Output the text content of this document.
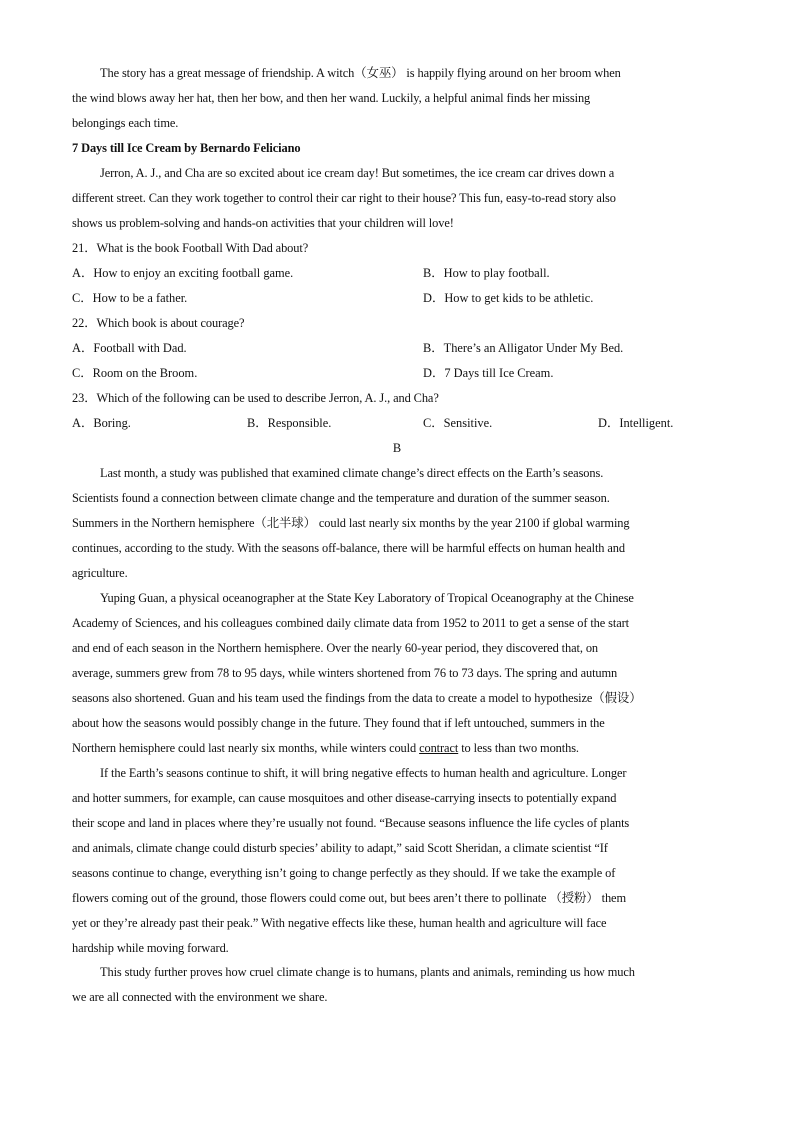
The story has a great message of friendship. A witch（女巫） is happily flying around on her broom when
the wind blows away her hat, then her bow, and then her wand. Luckily, a helpful animal finds her missing
belongings each time.
7 Days till Ice Cream by Bernardo Feliciano
Jerron, A. J., and Cha are so excited about ice cream day! But sometimes, the ice cream car drives down a
different street. Can they work together to control their car right to their house? This fun, easy-to-read story also
shows us problem-solving and hands-on activities that your children will love!
21．What is the book Football With Dad about?
A．How to enjoy an exciting football game.	B．How to play football.
C．How to be a father.	D．How to get kids to be athletic.
22．Which book is about courage?
A．Football with Dad.	B．There’s an Alligator Under My Bed.
C．Room on the Broom.	D．7 Days till Ice Cream.
23．Which of the following can be used to describe Jerron, A. J., and Cha?
A．Boring.	B．Responsible.	C．Sensitive.	D．Intelligent.
B
Last month, a study was published that examined climate change’s direct effects on the Earth’s seasons.
Scientists found a connection between climate change and the temperature and duration of the summer season.
Summers in the Northern hemisphere（北半球） could last nearly six months by the year 2100 if global warming
continues, according to the study. With the seasons off-balance, there will be harmful effects on human health and
agriculture.
Yuping Guan, a physical oceanographer at the State Key Laboratory of Tropical Oceanography at the Chinese
Academy of Sciences, and his colleagues combined daily climate data from 1952 to 2011 to get a sense of the start
and end of each season in the Northern hemisphere. Over the nearly 60-year period, they discovered that, on
average, summers grew from 78 to 95 days, while winters shortened from 76 to 73 days. The spring and autumn
seasons also shortened. Guan and his team used the findings from the data to create a model to hypothesize（假设）
about how the seasons would possibly change in the future. They found that if left untouched, summers in the
Northern hemisphere could last nearly six months, while winters could contract to less than two months.
If the Earth’s seasons continue to shift, it will bring negative effects to human health and agriculture. Longer
and hotter summers, for example, can cause mosquitoes and other disease-carrying insects to potentially expand
their scope and land in places where they’re usually not found. “Because seasons influence the life cycles of plants
and animals, climate change could disturb species’ ability to adapt,” said Scott Sheridan, a climate scientist “If
seasons continue to change, everything isn’t going to change perfectly as they should. If we take the example of
flowers coming out of the ground, those flowers could come out, but bees aren’t there to pollinate （授粉） them
yet or they’re already past their peak.” With negative effects like these, human health and agriculture will face
hardship while moving forward.
This study further proves how cruel climate change is to humans, plants and animals, reminding us how much
we are all connected with the environment we share.
